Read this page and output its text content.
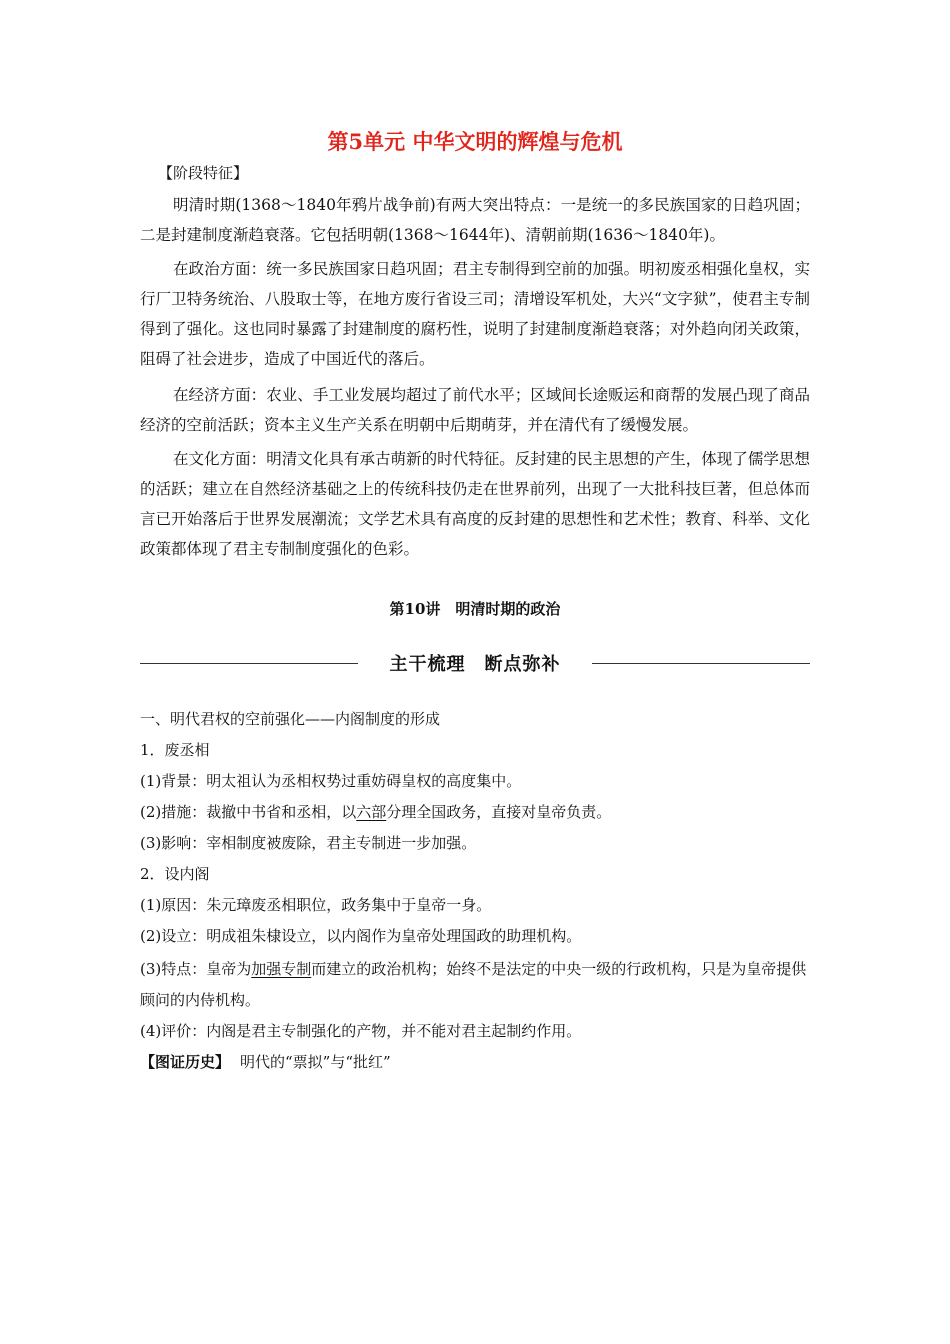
第5单元 中华文明的辉煌与危机
【阶段特征】

明清时期(1368～1840年鸦片战争前)有两大突出特点：一是统一的多民族国家的日趋巩固；二是封建制度渐趋衰落。它包括明朝(1368～1644年)、清朝前期(1636～1840年)。

在政治方面：统一多民族国家日趋巩固；君主专制得到空前的加强。明初废丞相强化皇权，实行厂卫特务统治、八股取士等，在地方废行省设三司；清增设军机处，大兴“文字狱”，使君主专制得到了强化。这也同时暴露了封建制度的腐朽性，说明了封建制度渐趋衰落；对外趋向闭关政策，阻碍了社会进步，造成了中国近代的落后。

在经济方面：农业、手工业发展均超过了前代水平；区域间长途贩运和商帮的发展凸现了商品经济的空前活跃；资本主义生产关系在明朝中后期萌芽，并在清代有了缓慢发展。

在文化方面：明清文化具有承古萌新的时代特征。反封建的民主思想的产生，体现了儒学思想的活跃；建立在自然经济基础之上的传统科技仍走在世界前列，出现了一大批科技巨著，但总体而言已开始落后于世界发展潮流；文学艺术具有高度的反封建的思想性和艺术性；教育、科举、文化政策都体现了君主专制制度强化的色彩。

第10讲　明清时期的政治
主干梳理　断点弥补
一、明代君权的空前强化——内阁制度的形成
1．废丞相
(1)背景：明太祖认为丞相权势过重妨碍皇权的高度集中。
(2)措施：裁撤中书省和丞相，以六部分理全国政务，直接对皇帝负责。
(3)影响：宰相制度被废除，君主专制进一步加强。
2．设内阁
(1)原因：朱元璋废丞相职位，政务集中于皇帝一身。
(2)设立：明成祖朱棣设立，以内阁作为皇帝处理国政的助理机构。

(3)特点：皇帝为加强专制而建立的政治机构；始终不是法定的中央一级的行政机构，只是为皇帝提供顾问的内侍机构。

(4)评价：内阁是君主专制强化的产物，并不能对君主起制约作用。
【图证历史】 明代的“票拟”与“批红”
